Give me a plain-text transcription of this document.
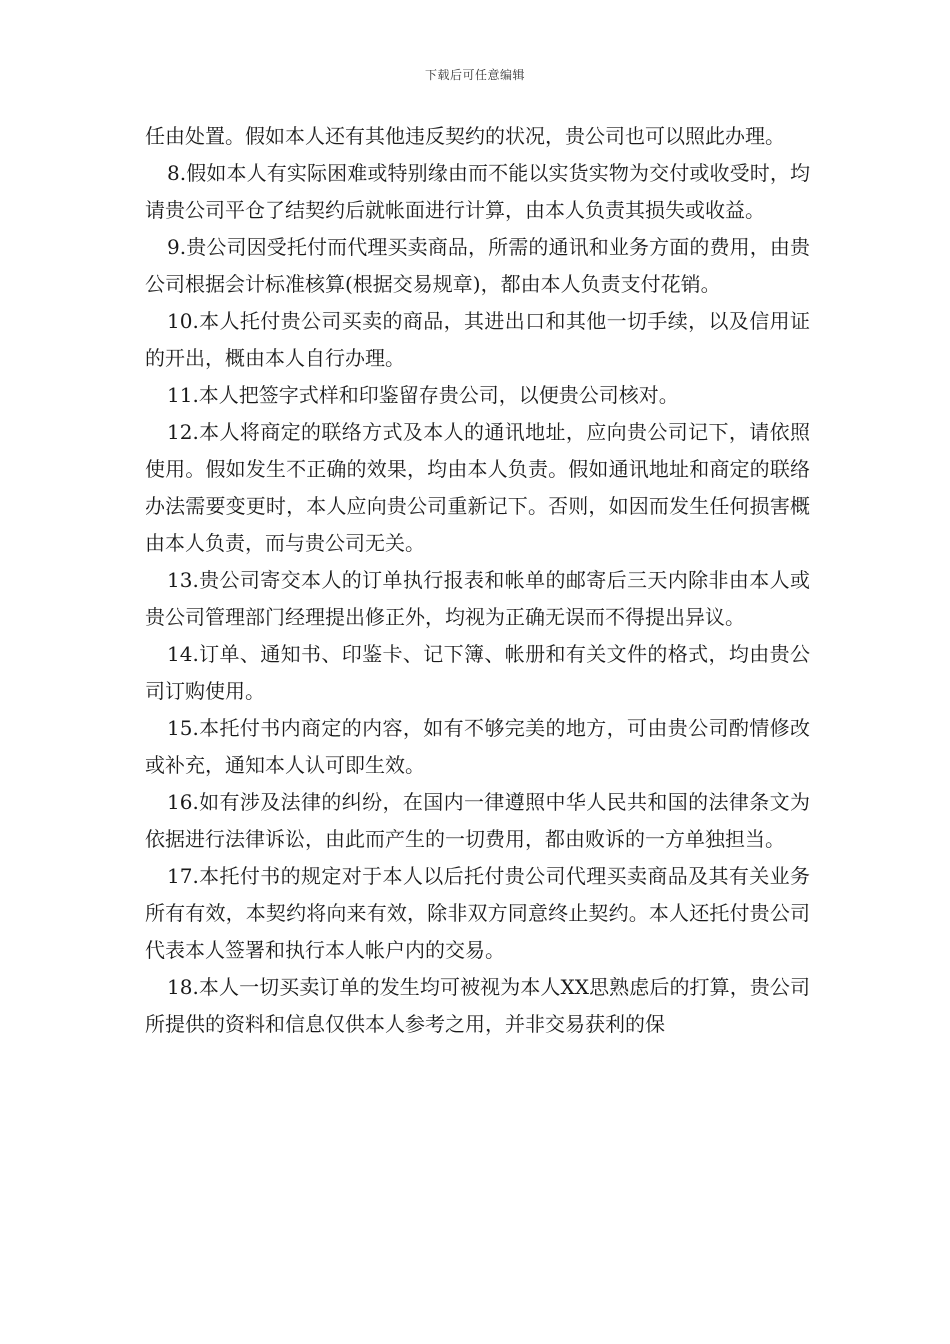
下载后可任意编辑

任由处置。假如本人还有其他违反契约的状况，贵公司也可以照此办理。

8.假如本人有实际困难或特别缘由而不能以实货实物为交付或收受时，均请贵公司平仓了结契约后就帐面进行计算，由本人负责其损失或收益。

9.贵公司因受托付而代理买卖商品，所需的通讯和业务方面的费用，由贵公司根据会计标准核算(根据交易规章)，都由本人负责支付花销。

10.本人托付贵公司买卖的商品，其进出口和其他一切手续，以及信用证的开出，概由本人自行办理。

11.本人把签字式样和印鉴留存贵公司，以便贵公司核对。

12.本人将商定的联络方式及本人的通讯地址，应向贵公司记下，请依照使用。假如发生不正确的效果，均由本人负责。假如通讯地址和商定的联络办法需要变更时，本人应向贵公司重新记下。否则，如因而发生任何损害概由本人负责，而与贵公司无关。

13.贵公司寄交本人的订单执行报表和帐单的邮寄后三天内除非由本人或贵公司管理部门经理提出修正外，均视为正确无误而不得提出异议。

14.订单、通知书、印鉴卡、记下簿、帐册和有关文件的格式，均由贵公司订购使用。

15.本托付书内商定的内容，如有不够完美的地方，可由贵公司酌情修改或补充，通知本人认可即生效。

16.如有涉及法律的纠纷，在国内一律遵照中华人民共和国的法律条文为依据进行法律诉讼，由此而产生的一切费用，都由败诉的一方单独担当。

17.本托付书的规定对于本人以后托付贵公司代理买卖商品及其有关业务所有有效，本契约将向来有效，除非双方同意终止契约。本人还托付贵公司代表本人签署和执行本人帐户内的交易。

18.本人一切买卖订单的发生均可被视为本人XX思熟虑后的打算，贵公司所提供的资料和信息仅供本人参考之用，并非交易获利的保
